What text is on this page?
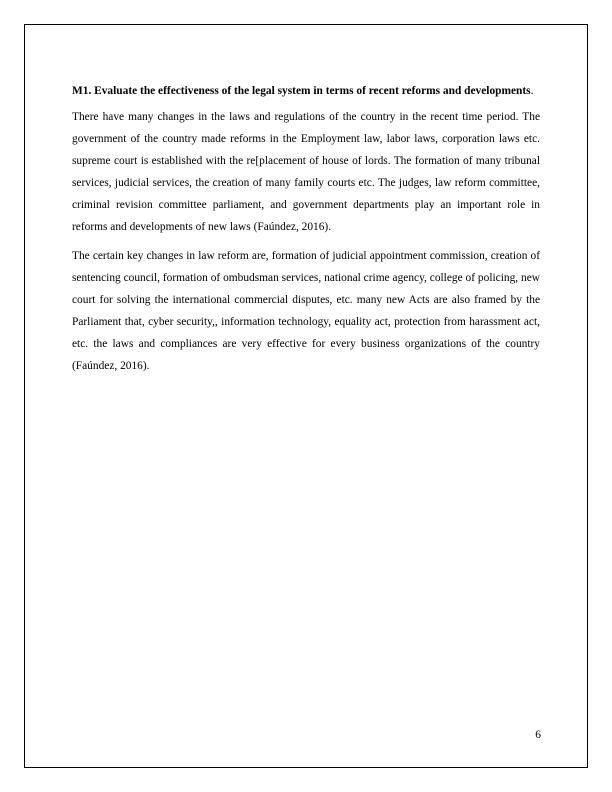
M1. Evaluate the effectiveness of the legal system in terms of recent reforms and developments.

There have many changes in the laws and regulations of the country in the recent time period. The government of the country made reforms in the Employment law, labor laws, corporation laws etc. supreme court is established with the re[placement of house of lords. The formation of many tribunal services, judicial services, the creation of many family courts etc. The judges, law reform committee, criminal revision committee parliament, and government departments play an important role in reforms and developments of new laws (Faúndez, 2016).

The certain key changes in law reform are, formation of judicial appointment commission, creation of sentencing council, formation of ombudsman services, national crime agency, college of policing, new court for solving the international commercial disputes, etc. many new Acts are also framed by the Parliament that, cyber security,, information technology, equality act, protection from harassment act, etc. the laws and compliances are very effective for every business organizations of the country (Faúndez, 2016).

6
